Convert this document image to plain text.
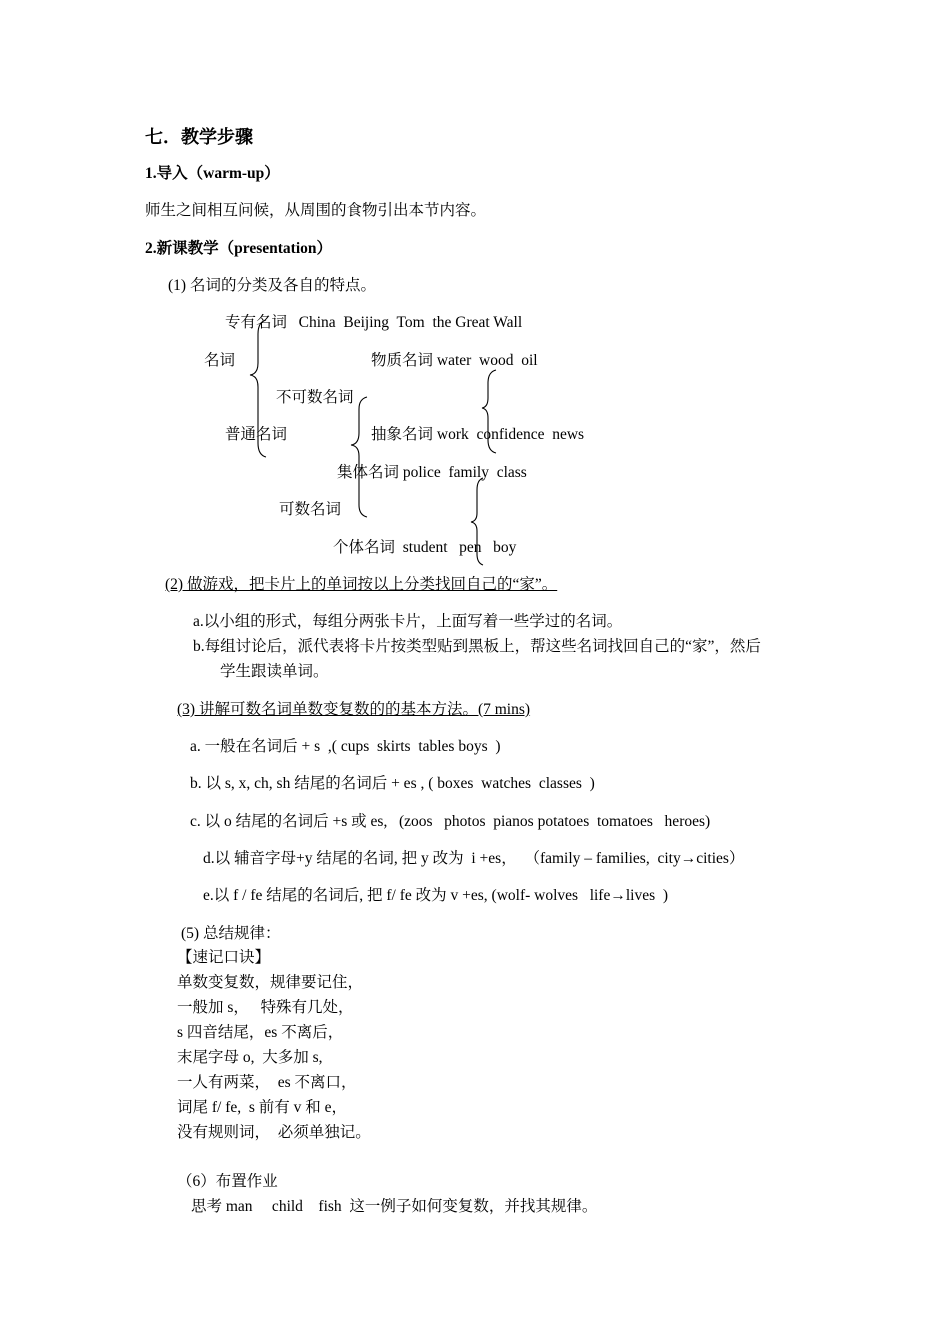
七．教学步骤
1.导入（warm-up）
师生之间相互问候，从周围的食物引出本节内容。
2.新课教学（presentation）
(1) 名词的分类及各自的特点。
专有名词   China  Beijing  Tom  the Great Wall
名词	物质名词 water  wood  oil
不可数名词
普通名词	抽象名词 work  confidence  news
集体名词 police  family  class
可数名词
个体名词  student   pen   boy
(2) 做游戏，把卡片上的单词按以上分类找回自己的“家”。
a.以小组的形式，每组分两张卡片，上面写着一些学过的名词。
b.每组讨论后，派代表将卡片按类型贴到黑板上，帮这些名词找回自己的“家”，然后
学生跟读单词。
(3) 讲解可数名词单数变复数的的基本方法。(7 mins)
a. 一般在名词后 + s  ,( cups  skirts  tables boys  )
b. 以 s, x, ch, sh 结尾的名词后 + es , ( boxes  watches  classes  )
c. 以 o 结尾的名词后 +s 或 es,   (zoos   photos  pianos potatoes  tomatoes   heroes)
d.以 辅音字母+y 结尾的名词, 把 y 改为  i +es，  （family – families,  city→cities）
e.以 f / fe 结尾的名词后, 把 f/ fe 改为 v +es, (wolf- wolves   life→lives  )
(5) 总结规律：
【速记口诀】
单数变复数，规律要记住，
一般加 s，   特殊有几处，
s 四音结尾，es 不离后，
末尾字母 o,  大多加 s,
一人有两菜，  es 不离口，
词尾 f/ fe,  s 前有 v 和 e，
没有规则词，  必须单独记。
（6）布置作业
思考 man     child    fish  这一例子如何变复数，并找其规律。
